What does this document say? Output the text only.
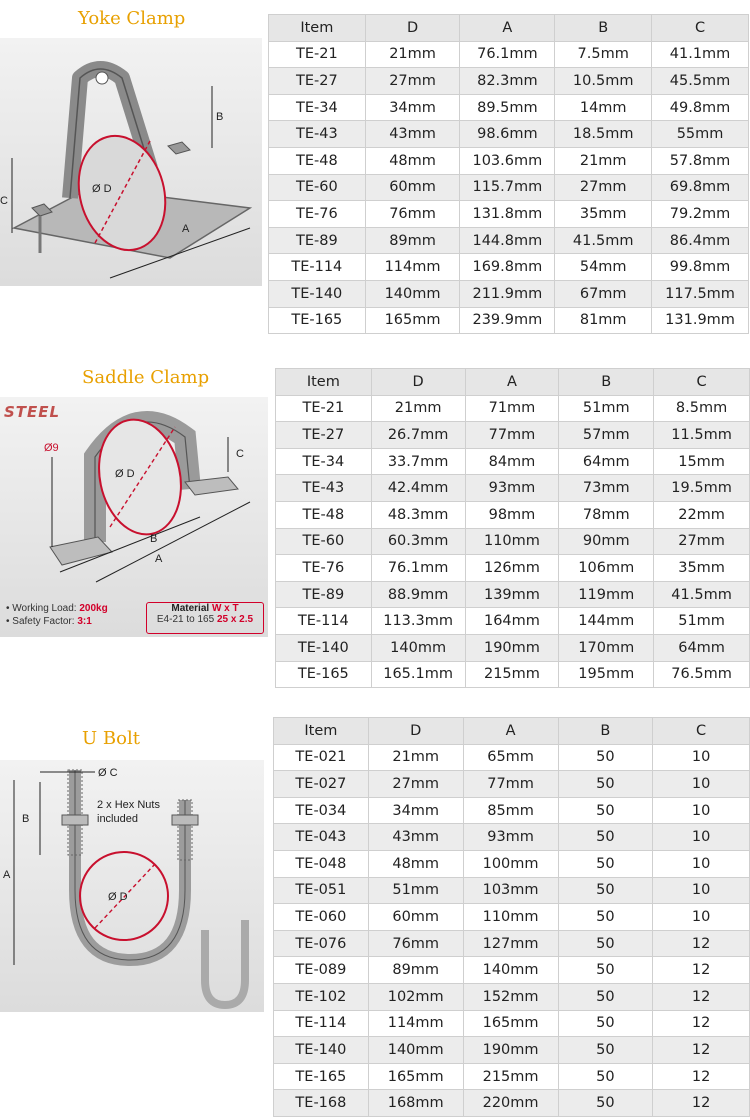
Yoke Clamp
B
C
Ø D
A
Item	D	A	B	C
TE-21	21mm	76.1mm	7.5mm	41.1mm
TE-27	27mm	82.3mm	10.5mm	45.5mm
TE-34	34mm	89.5mm	14mm	49.8mm
TE-43	43mm	98.6mm	18.5mm	55mm
TE-48	48mm	103.6mm	21mm	57.8mm
TE-60	60mm	115.7mm	27mm	69.8mm
TE-76	76mm	131.8mm	35mm	79.2mm
TE-89	89mm	144.8mm	41.5mm	86.4mm
TE-114	114mm	169.8mm	54mm	99.8mm
TE-140	140mm	211.9mm	67mm	117.5mm
TE-165	165mm	239.9mm	81mm	131.9mm
Saddle Clamp
STEEL
Ø9	C
Ø D
B
A
• Working Load: 200kg
• Safety Factor: 3:1
Material W x T
E4-21 to 165 25 x 2.5
Item	D	A	B	C
TE-21	21mm	71mm	51mm	8.5mm
TE-27	26.7mm	77mm	57mm	11.5mm
TE-34	33.7mm	84mm	64mm	15mm
TE-43	42.4mm	93mm	73mm	19.5mm
TE-48	48.3mm	98mm	78mm	22mm
TE-60	60.3mm	110mm	90mm	27mm
TE-76	76.1mm	126mm	106mm	35mm
TE-89	88.9mm	139mm	119mm	41.5mm
TE-114	113.3mm	164mm	144mm	51mm
TE-140	140mm	190mm	170mm	64mm
TE-165	165.1mm	215mm	195mm	76.5mm
U Bolt
Ø C
B
A
Ø D
2 x Hex Nuts
included
Item	D	A	B	C
TE-021	21mm	65mm	50	10
TE-027	27mm	77mm	50	10
TE-034	34mm	85mm	50	10
TE-043	43mm	93mm	50	10
TE-048	48mm	100mm	50	10
TE-051	51mm	103mm	50	10
TE-060	60mm	110mm	50	10
TE-076	76mm	127mm	50	12
TE-089	89mm	140mm	50	12
TE-102	102mm	152mm	50	12
TE-114	114mm	165mm	50	12
TE-140	140mm	190mm	50	12
TE-165	165mm	215mm	50	12
TE-168	168mm	220mm	50	12
